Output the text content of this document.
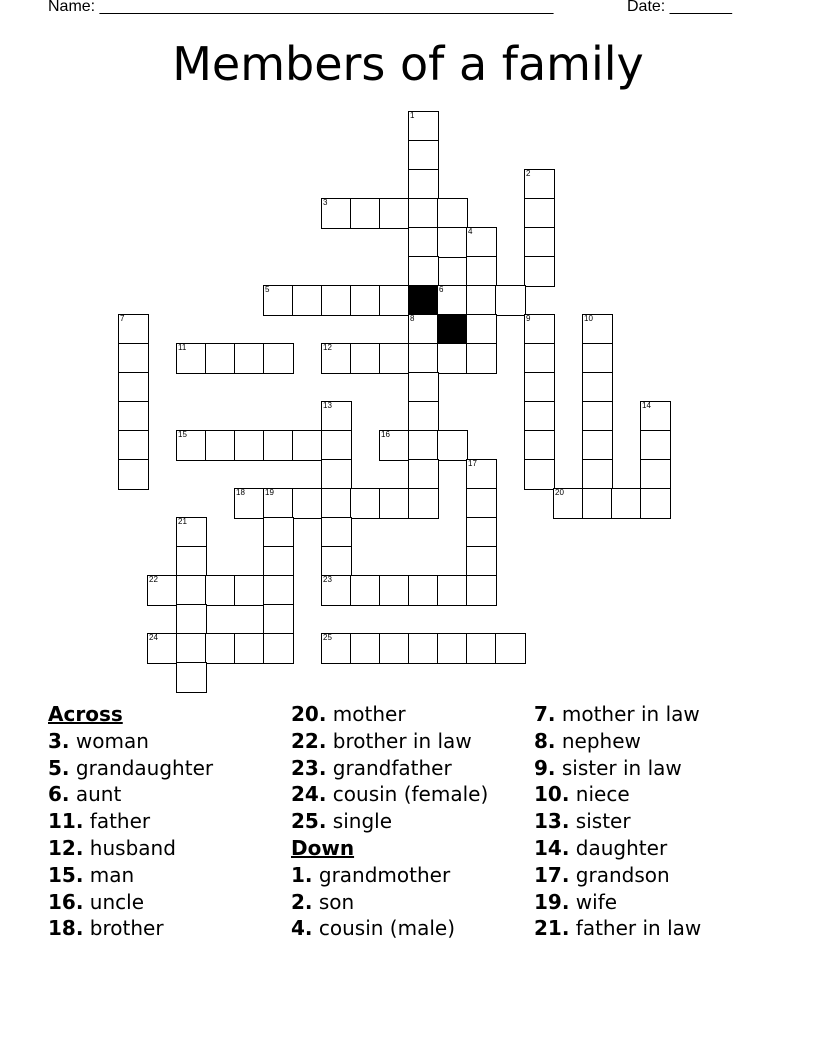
Name: ___________________________________________________	Date: _______
Members of a family
1
2
3
4
5	6
7	8	9	10
11	12
13	14
15	16
17
18	19	20
21
22	23
24	25
Across
3. woman
5. grandaughter
6. aunt
11. father
12. husband
15. man
16. uncle
18. brother
20. mother
22. brother in law
23. grandfather
24. cousin (female)
25. single
Down
1. grandmother
2. son
4. cousin (male)
7. mother in law
8. nephew
9. sister in law
10. niece
13. sister
14. daughter
17. grandson
19. wife
21. father in law
